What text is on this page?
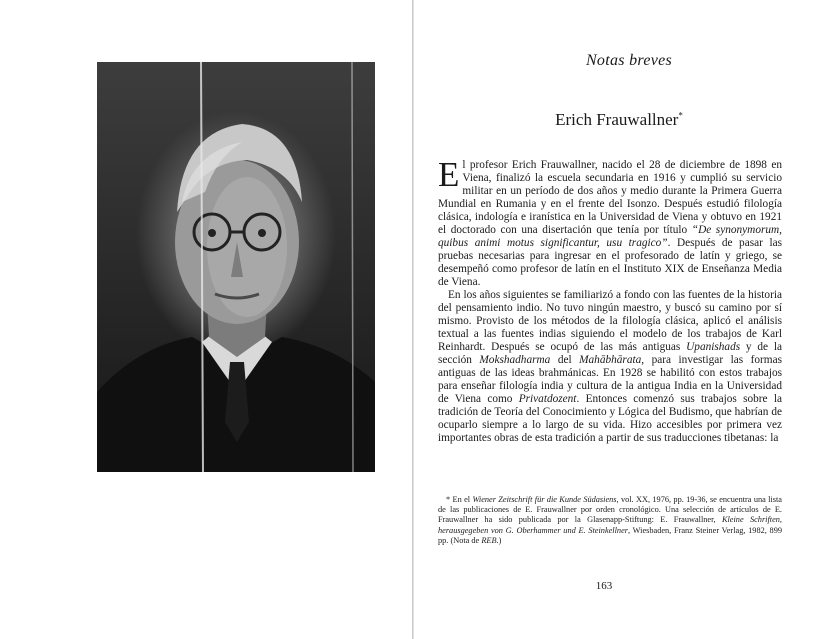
Notas breves
Erich Frauwallner*

El profesor Erich Frauwallner, nacido el 28 de diciembre de 1898 en Viena, finalizó la escuela secundaria en 1916 y cumplió su servicio militar en un período de dos años y medio durante la Primera Guerra Mundial en Rumania y en el frente del Isonzo. Después estudió filología clásica, indología e iranística en la Universidad de Viena y obtuvo en 1921 el doctorado con una disertación que tenía por título “De synonymorum, quibus animi motus significantur, usu tragico”. Después de pasar las pruebas necesarias para ingresar en el profesorado de latín y griego, se desempeñó como profesor de latín en el Instituto XIX de Enseñanza Media de Viena.

En los años siguientes se familiarizó a fondo con las fuentes de la historia del pensamiento indio. No tuvo ningún maestro, y buscó su camino por sí mismo. Provisto de los métodos de la filología clásica, aplicó el análisis textual a las fuentes indias siguiendo el modelo de los trabajos de Karl Reinhardt. Después se ocupó de las más antiguas Upanishads y de la sección Mokshadharma del Mahābhārata, para investigar las formas antiguas de las ideas brahmánicas. En 1928 se habilitó con estos trabajos para enseñar filología india y cultura de la antigua India en la Universidad de Viena como Privatdozent. Entonces comenzó sus trabajos sobre la tradición de Teoría del Conocimiento y Lógica del Budismo, que habrían de ocuparlo siempre a lo largo de su vida. Hizo accesibles por primera vez importantes obras de esta tradición a partir de sus traducciones tibetanas: la

* En el Wiener Zeitschrift für die Kunde Südasiens, vol. XX, 1976, pp. 19-36, se encuentra una lista de las publicaciones de E. Frauwallner por orden cronológico. Una selección de artículos de E. Frauwallner ha sido publicada por la Glasenapp-Stiftung: E. Frauwallner, Kleine Schriften, herausgegeben von G. Oberhammer und E. Steinkellner, Wiesbaden, Franz Steiner Verlag, 1982, 899 pp. (Nota de REB.)

163
